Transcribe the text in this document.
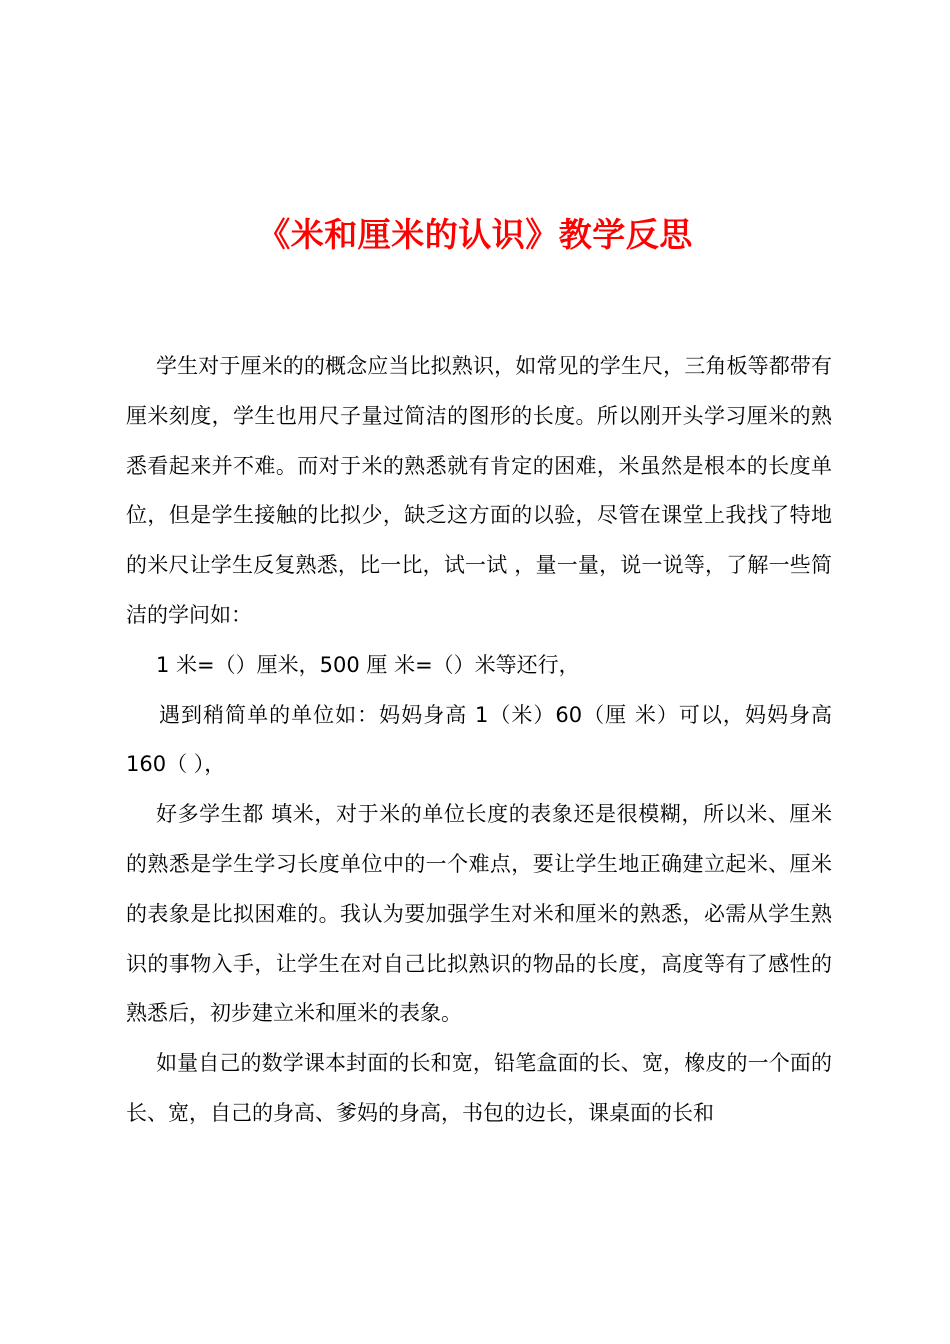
《米和厘米的认识》教学反思

学生对于厘米的的概念应当比拟熟识，如常见的学生尺，三角板等都带有厘米刻度，学生也用尺子量过简洁的图形的长度。所以刚开头学习厘米的熟悉看起来并不难。而对于米的熟悉就有肯定的困难，米虽然是根本的长度单位，但是学生接触的比拟少，缺乏这方面的以验，尽管在课堂上我找了特地的米尺让学生反复熟悉，比一比，试一试 ，量一量，说一说等，了解一些简洁的学问如：

1 米=（）厘米，500 厘 米=（）米等还行，

遇到稍简单的单位如：妈妈身高 1（米）60（厘 米）可以，妈妈身高 160（ ），

好多学生都 填米，对于米的单位长度的表象还是很模糊，所以米、厘米的熟悉是学生学习长度单位中的一个难点，要让学生地正确建立起米、厘米的表象是比拟困难的。我认为要加强学生对米和厘米的熟悉，必需从学生熟识的事物入手，让学生在对自己比拟熟识的物品的长度，高度等有了感性的熟悉后，初步建立米和厘米的表象。

如量自己的数学课本封面的长和宽，铅笔盒面的长、宽，橡皮的一个面的长、宽，自己的身高、爹妈的身高，书包的边长，课桌面的长和
